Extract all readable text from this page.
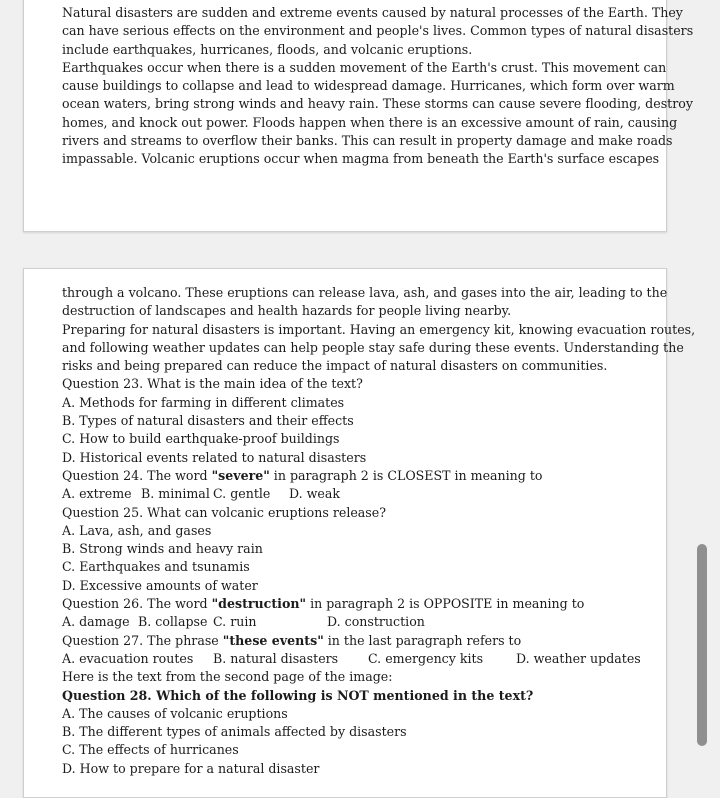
Natural disasters are sudden and extreme events caused by natural processes of the Earth. They
can have serious effects on the environment and people's lives. Common types of natural disasters
include earthquakes, hurricanes, floods, and volcanic eruptions.
Earthquakes occur when there is a sudden movement of the Earth's crust. This movement can
cause buildings to collapse and lead to widespread damage. Hurricanes, which form over warm
ocean waters, bring strong winds and heavy rain. These storms can cause severe flooding, destroy
homes, and knock out power. Floods happen when there is an excessive amount of rain, causing
rivers and streams to overflow their banks. This can result in property damage and make roads
impassable. Volcanic eruptions occur when magma from beneath the Earth's surface escapes
through a volcano. These eruptions can release lava, ash, and gases into the air, leading to the
destruction of landscapes and health hazards for people living nearby.
Preparing for natural disasters is important. Having an emergency kit, knowing evacuation routes,
and following weather updates can help people stay safe during these events. Understanding the
risks and being prepared can reduce the impact of natural disasters on communities.
Question 23. What is the main idea of the text?
A. Methods for farming in different climates
B. Types of natural disasters and their effects
C. How to build earthquake-proof buildings
D. Historical events related to natural disasters
Question 24. The word "severe" in paragraph 2 is CLOSEST in meaning to
A. extreme B. minimal C. gentle D. weak
Question 25. What can volcanic eruptions release?
A. Lava, ash, and gases
B. Strong winds and heavy rain
C. Earthquakes and tsunamis
D. Excessive amounts of water
Question 26. The word "destruction" in paragraph 2 is OPPOSITE in meaning to
A. damage B. collapse C. ruin	D. construction
Question 27. The phrase "these events" in the last paragraph refers to
A. evacuation routes B. natural disasters C. emergency kits	D. weather updates
Here is the text from the second page of the image:
Question 28. Which of the following is NOT mentioned in the text?
A. The causes of volcanic eruptions
B. The different types of animals affected by disasters
C. The effects of hurricanes
D. How to prepare for a natural disaster
